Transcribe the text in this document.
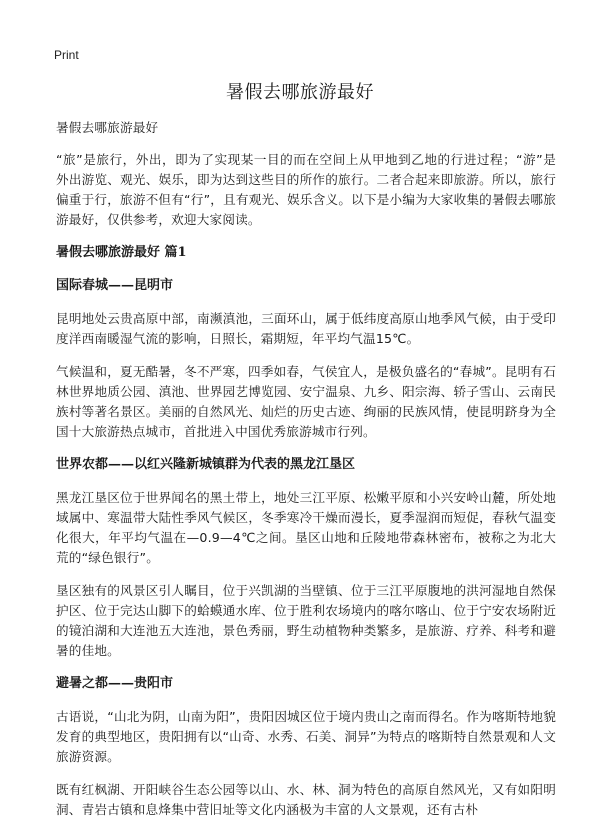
Print
暑假去哪旅游最好

暑假去哪旅游最好

“旅”是旅行，外出，即为了实现某一目的而在空间上从甲地到乙地的行进过程；“游”是外出游览、观光、娱乐，即为达到这些目的所作的旅行。二者合起来即旅游。所以，旅行偏重于行，旅游不但有“行”，且有观光、娱乐含义。以下是小编为大家收集的暑假去哪旅游最好，仅供参考，欢迎大家阅读。

暑假去哪旅游最好 篇1
国际春城——昆明市

昆明地处云贵高原中部，南濒滇池，三面环山，属于低纬度高原山地季风气候，由于受印度洋西南暖湿气流的影响，日照长，霜期短，年平均气温15℃。

气候温和，夏无酷暑，冬不严寒，四季如春，气侯宜人，是极负盛名的“春城”。昆明有石林世界地质公园、滇池、世界园艺博览园、安宁温泉、九乡、阳宗海、轿子雪山、云南民族村等著名景区。美丽的自然风光、灿烂的历史古迹、绚丽的民族风情，使昆明跻身为全国十大旅游热点城市，首批进入中国优秀旅游城市行列。

世界农都——以红兴隆新城镇群为代表的黑龙江垦区

黑龙江垦区位于世界闻名的黑土带上，地处三江平原、松嫩平原和小兴安岭山麓，所处地域属中、寒温带大陆性季风气候区，冬季寒冷干燥而漫长，夏季湿润而短促，春秋气温变化很大，年平均气温在—0.9—4℃之间。垦区山地和丘陵地带森林密布，被称之为北大荒的“绿色银行”。

垦区独有的风景区引人瞩目，位于兴凯湖的当壁镇、位于三江平原腹地的洪河湿地自然保护区、位于完达山脚下的蛤蟆通水库、位于胜利农场境内的喀尔喀山、位于宁安农场附近的镜泊湖和大连池五大连池，景色秀丽，野生动植物种类繁多，是旅游、疗养、科考和避暑的佳地。

避暑之都——贵阳市

古语说，“山北为阴，山南为阳”，贵阳因城区位于境内贵山之南而得名。作为喀斯特地貌发育的典型地区，贵阳拥有以“山奇、水秀、石美、洞异”为特点的喀斯特自然景观和人文旅游资源。

既有红枫湖、开阳峡谷生态公园等以山、水、林、洞为特色的高原自然风光，又有如阳明洞、青岩古镇和息烽集中营旧址等文化内涵极为丰富的人文景观，还有古朴
